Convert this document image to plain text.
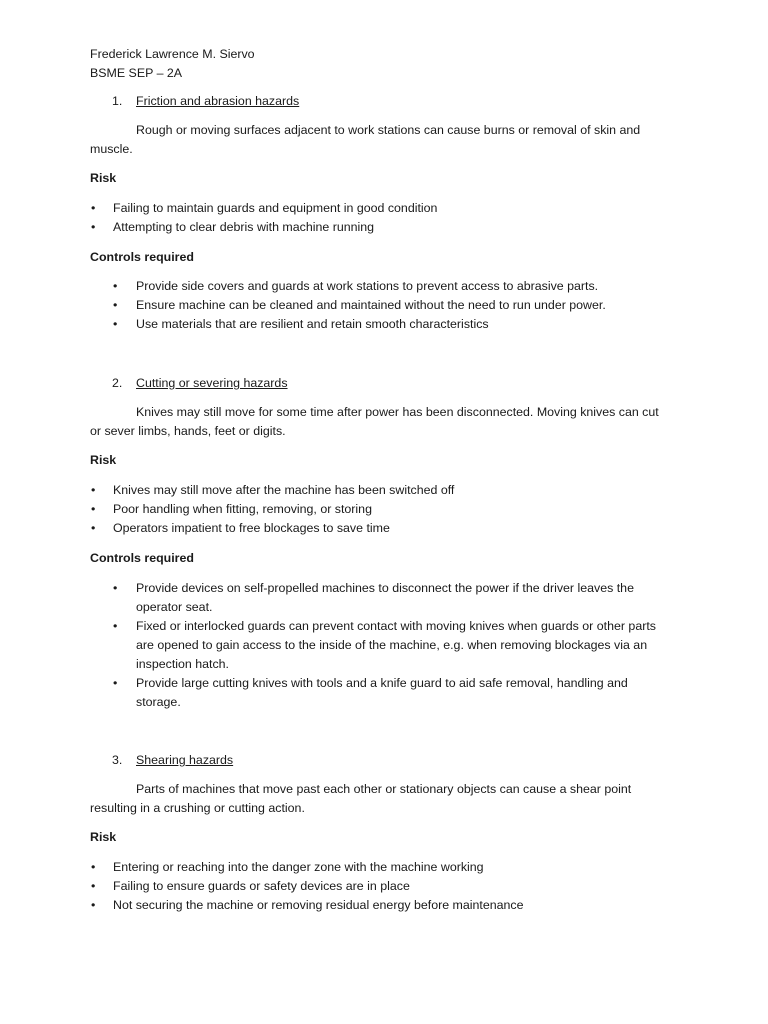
Frederick Lawrence M. Siervo
BSME SEP – 2A
1. Friction and abrasion hazards
Rough or moving surfaces adjacent to work stations can cause burns or removal of skin and muscle.
Risk
• Failing to maintain guards and equipment in good condition
• Attempting to clear debris with machine running
Controls required
• Provide side covers and guards at work stations to prevent access to abrasive parts.
• Ensure machine can be cleaned and maintained without the need to run under power.
• Use materials that are resilient and retain smooth characteristics
2. Cutting or severing hazards
Knives may still move for some time after power has been disconnected. Moving knives can cut or sever limbs, hands, feet or digits.
Risk
• Knives may still move after the machine has been switched off
• Poor handling when fitting, removing, or storing
• Operators impatient to free blockages to save time
Controls required
• Provide devices on self-propelled machines to disconnect the power if the driver leaves the operator seat.
• Fixed or interlocked guards can prevent contact with moving knives when guards or other parts are opened to gain access to the inside of the machine, e.g. when removing blockages via an inspection hatch.
• Provide large cutting knives with tools and a knife guard to aid safe removal, handling and storage.
3. Shearing hazards
Parts of machines that move past each other or stationary objects can cause a shear point resulting in a crushing or cutting action.
Risk
• Entering or reaching into the danger zone with the machine working
• Failing to ensure guards or safety devices are in place
• Not securing the machine or removing residual energy before maintenance
